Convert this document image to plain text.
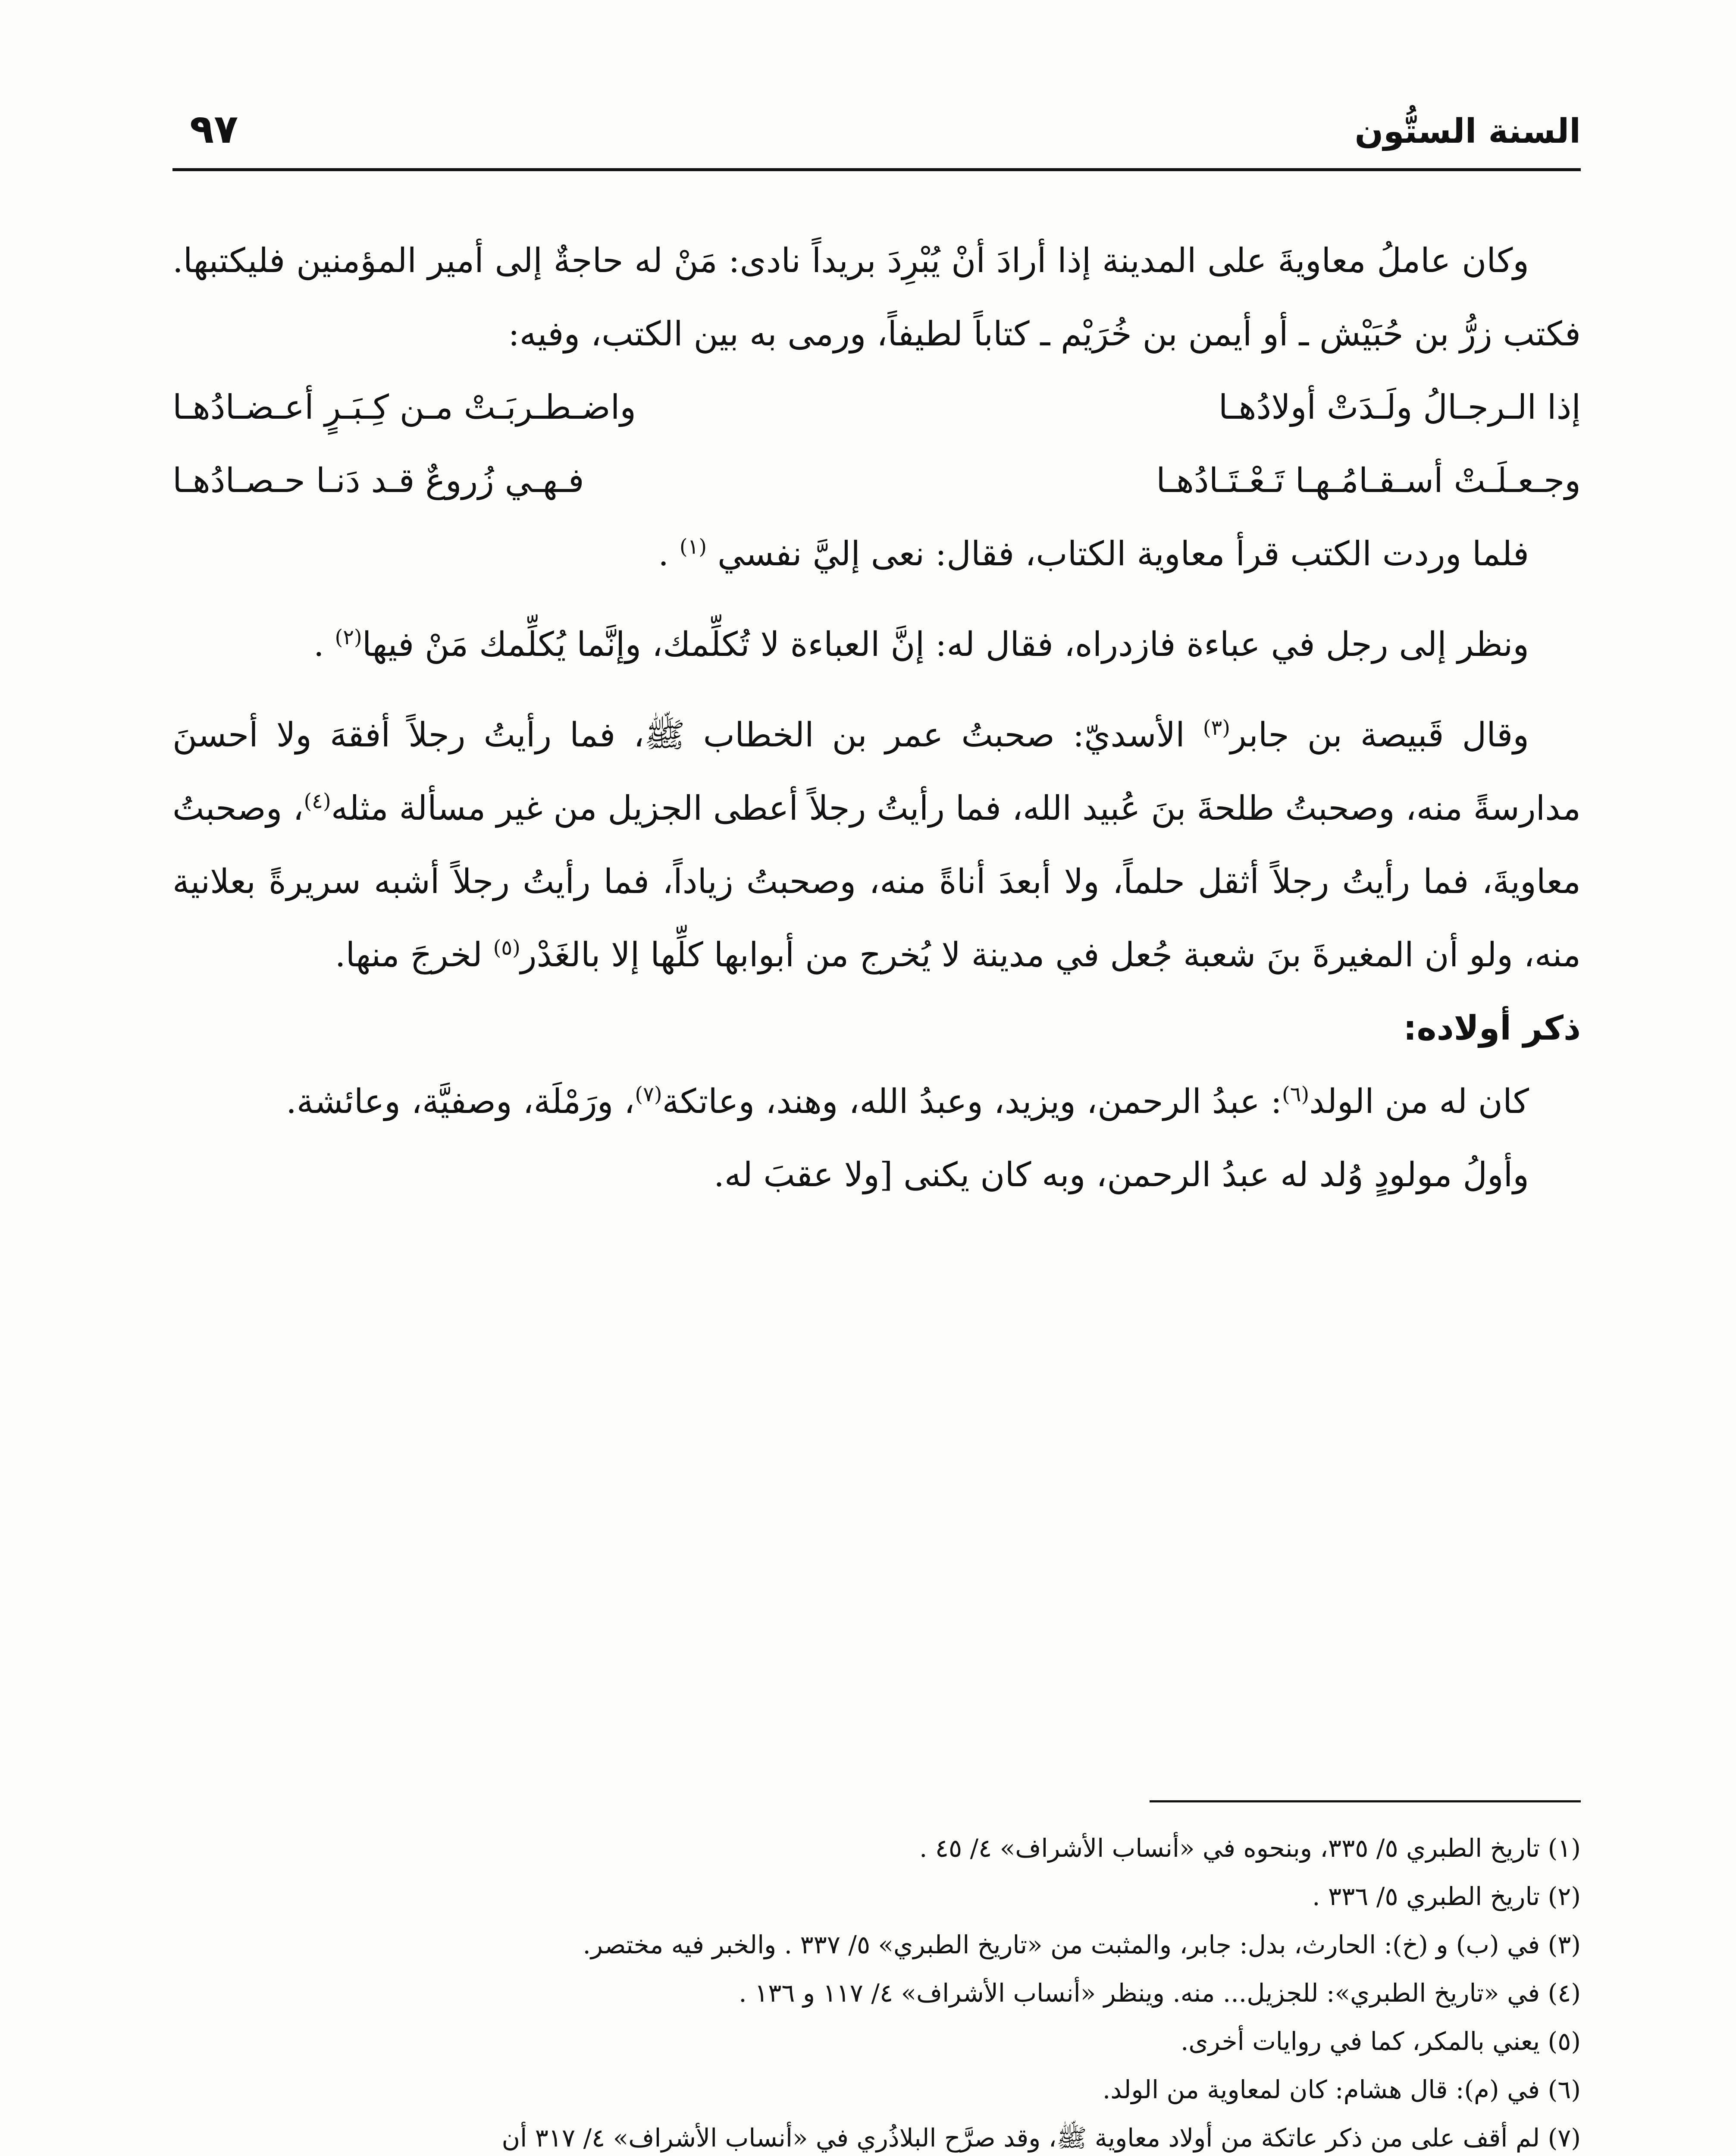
السنة الستُّون
٩٧

وكان عاملُ معاويةَ على المدينة إذا أرادَ أنْ يُبْرِدَ بريداً نادى: مَنْ له حاجةٌ إلى أمير المؤمنين فليكتبها. فكتب زرُّ بن حُبَيْش ـ أو أيمن بن خُرَيْم ـ كتاباً لطيفاً، ورمى به بين الكتب، وفيه:

إذا الـرجـالُ ولَـدَتْ أولادُهـا
واضـطـربَـتْ مـن كِـبَـرٍ أعـضـادُهـا
وجـعـلَـتْ أسـقـامُـهـا تَـعْـتَـادُهـا
فـهـي زُروعٌ قـد دَنـا حـصـادُهـا

فلما وردت الكتب قرأ معاوية الكتاب، فقال: نعى إليَّ نفسي $^{(١)}$ .

ونظر إلى رجل في عباءة فازدراه، فقال له: إنَّ العباءة لا تُكلِّمك، وإنَّما يُكلِّمك مَنْ فيها$^{(٢)}$ .

وقال قَبيصة بن جابر$^{(٣)}$ الأسديّ: صحبتُ عمر بن الخطاب ﷺ، فما رأيتُ رجلاً أفقهَ ولا أحسنَ مدارسةً منه، وصحبتُ طلحةَ بنَ عُبيد الله، فما رأيتُ رجلاً أعطى الجزيل من غير مسألة مثله$^{(٤)}$، وصحبتُ معاويةَ، فما رأيتُ رجلاً أثقل حلماً، ولا أبعدَ أناةً منه، وصحبتُ زياداً، فما رأيتُ رجلاً أشبه سريرةً بعلانية منه، ولو أن المغيرةَ بنَ شعبة جُعل في مدينة لا يُخرج من أبوابها كلِّها إلا بالغَدْر$^{(٥)}$ لخرجَ منها.

ذكر أولاده:

كان له من الولد$^{(٦)}$: عبدُ الرحمن، ويزيد، وعبدُ الله، وهند، وعاتكة$^{(٧)}$، ورَمْلَة، وصفيَّة، وعائشة.

وأولُ مولودٍ وُلد له عبدُ الرحمن، وبه كان يكنى [ولا عقبَ له.

(١) تاريخ الطبري ٥/ ٣٣٥، وبنحوه في «أنساب الأشراف» ٤/ ٤٥ .

(٢) تاريخ الطبري ٥/ ٣٣٦ .

(٣) في (ب) و (خ): الحارث، بدل: جابر، والمثبت من «تاريخ الطبري» ٥/ ٣٣٧ . والخبر فيه مختصر.

(٤) في «تاريخ الطبري»: للجزيل... منه. وينظر «أنساب الأشراف» ٤/ ١١٧ و ١٣٦ .

(٥) يعني بالمكر، كما في روايات أخرى.

(٦) في (م): قال هشام: كان لمعاوية من الولد.

(٧) لم أقف على من ذكر عاتكة من أولاد معاوية ﷺ، وقد صرَّح البلاذُري في «أنساب الأشراف» ٤/ ٣١٧ أن
